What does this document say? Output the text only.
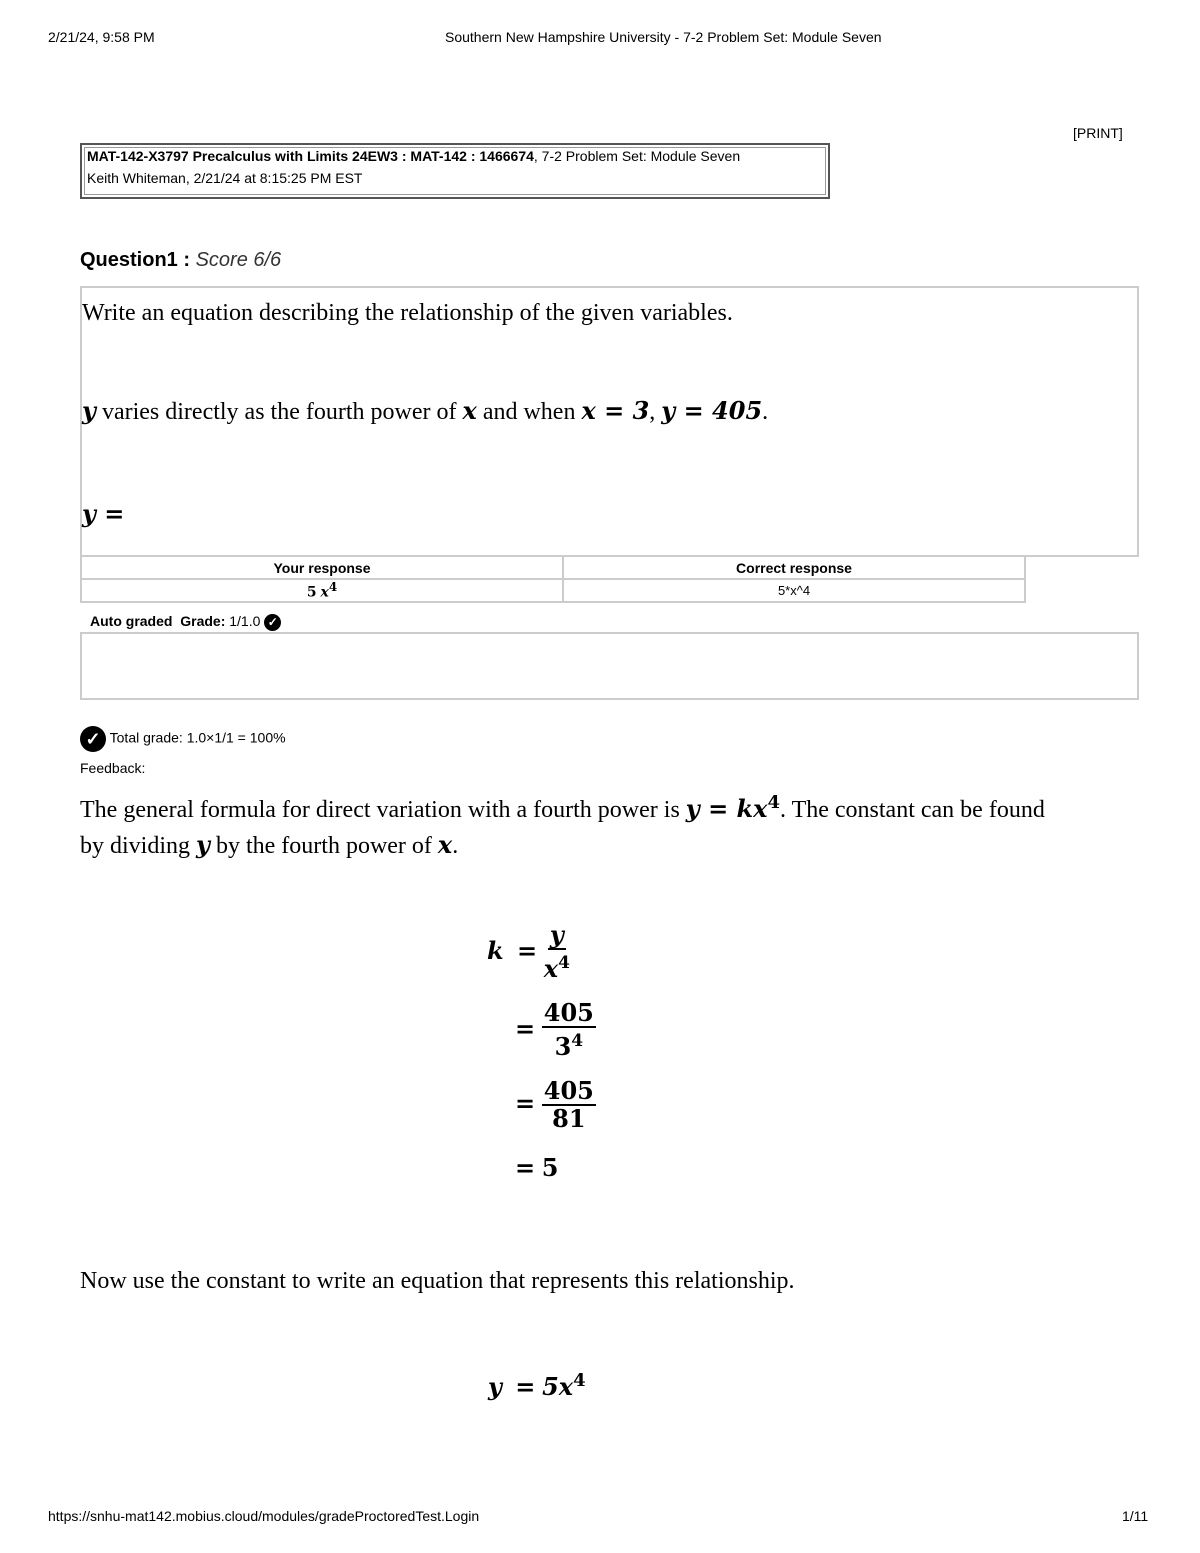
2/21/24, 9:58 PM	Southern New Hampshire University - 7-2 Problem Set: Module Seven
[PRINT]
MAT-142-X3797 Precalculus with Limits 24EW3 : MAT-142 : 1466674, 7-2 Problem Set: Module Seven
Keith Whiteman, 2/21/24 at 8:15:25 PM EST
Question1 : Score 6/6
Write an equation describing the relationship of the given variables.
y varies directly as the fourth power of x and when x = 3, y = 405.
y =
Your response	Correct response
5 $x^4$	5*x^4
Auto graded Grade: 1/1.0 ✓
✓ Total grade: 1.0×1/1 = 100%
Feedback:
The general formula for direct variation with a fourth power is $y = kx^4$. The constant can be found
by dividing y by the fourth power of x.
$k = \frac{y}{x^4}$
= $\frac{405}{3^4}$
= $\frac{405}{81}$
= 5
Now use the constant to write an equation that represents this relationship.
$y = 5x^4$
https://snhu-mat142.mobius.cloud/modules/gradeProctoredTest.Login	1/11
